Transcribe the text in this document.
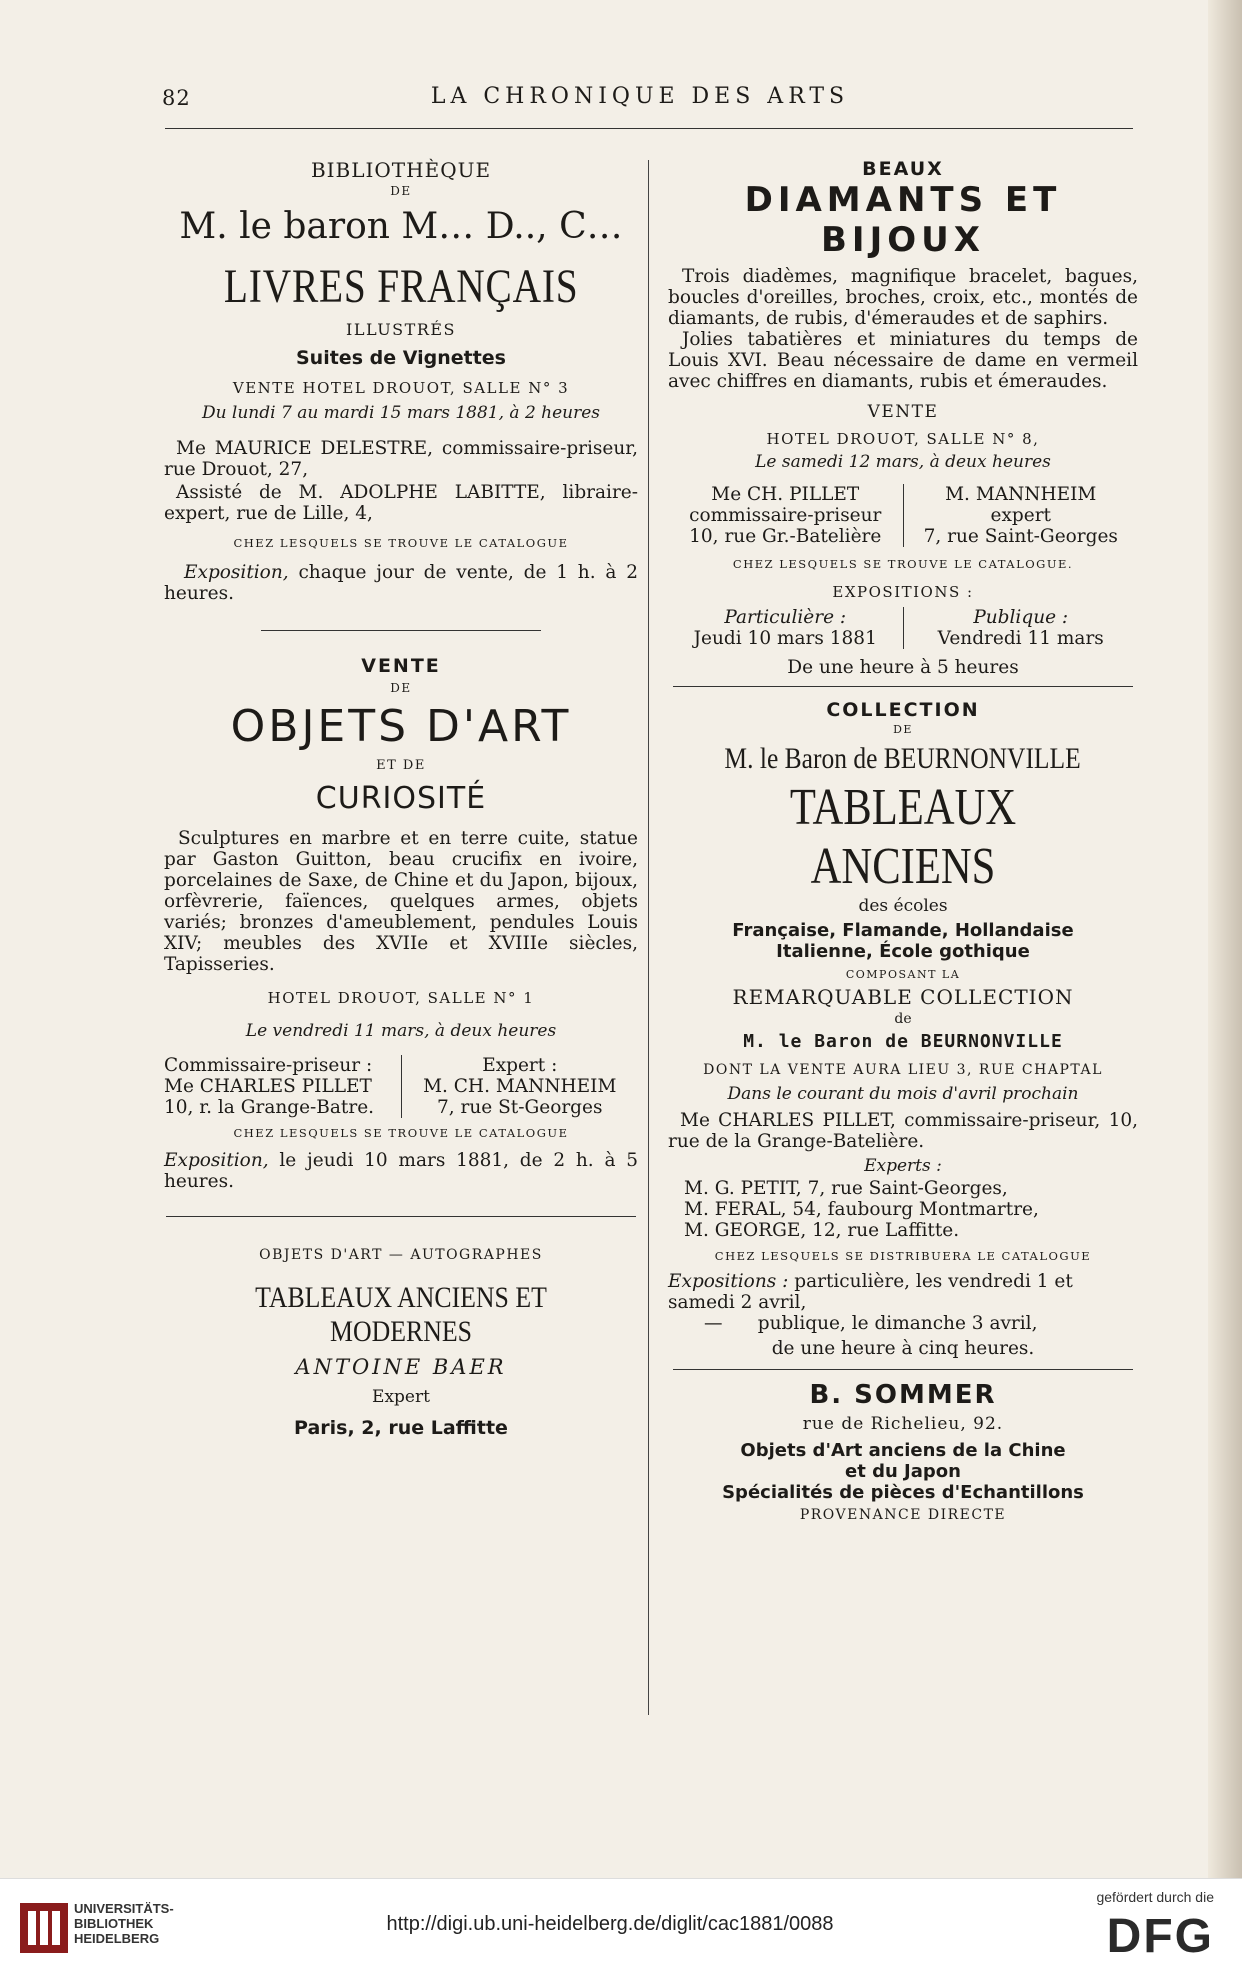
82	LA CHRONIQUE DES ARTS

BIBLIOTHÈQUE

DE

M. le baron M… D.., C…

LIVRES FRANÇAIS

ILLUSTRÉS

Suites de Vignettes

VENTE HOTEL DROUOT, SALLE N° 3

Du lundi 7 au mardi 15 mars 1881, à 2 heures

Me MAURICE DELESTRE, commissaire-priseur, rue Drouot, 27,

Assisté de M. ADOLPHE LABITTE, libraire-expert, rue de Lille, 4,

CHEZ LESQUELS SE TROUVE LE CATALOGUE

Exposition, chaque jour de vente, de 1 h. à 2 heures.

VENTE

DE

OBJETS D'ART

ET DE

CURIOSITÉ

Sculptures en marbre et en terre cuite, statue par Gaston Guitton, beau crucifix en ivoire, porcelaines de Saxe, de Chine et du Japon, bijoux, orfèvrerie, faïences, quelques armes, objets variés; bronzes d'ameublement, pendules Louis XIV; meubles des XVIIe et XVIIIe siècles, Tapisseries.

HOTEL DROUOT, SALLE N° 1

Le vendredi 11 mars, à deux heures

Commissaire-priseur :

Me CHARLES PILLET

10, r. la Grange-Batre.

Expert :

M. CH. MANNHEIM

7, rue St-Georges

CHEZ LESQUELS SE TROUVE LE CATALOGUE

Exposition, le jeudi 10 mars 1881, de 2 h. à 5 heures.

OBJETS D'ART — AUTOGRAPHES

TABLEAUX ANCIENS ET MODERNES

ANTOINE BAER

Expert

Paris, 2, rue Laffitte

BEAUX

DIAMANTS ET BIJOUX

Trois diadèmes, magnifique bracelet, bagues, boucles d'oreilles, broches, croix, etc., montés de diamants, de rubis, d'émeraudes et de saphirs.

Jolies tabatières et miniatures du temps de Louis XVI. Beau nécessaire de dame en vermeil avec chiffres en diamants, rubis et émeraudes.

VENTE

HOTEL DROUOT, SALLE N° 8,

Le samedi 12 mars, à deux heures

Me CH. PILLET

commissaire-priseur

10, rue Gr.-Batelière

M. MANNHEIM

expert

7, rue Saint-Georges

CHEZ LESQUELS SE TROUVE LE CATALOGUE.

EXPOSITIONS :

Particulière :

Jeudi 10 mars 1881

Publique :

Vendredi 11 mars

De une heure à 5 heures

COLLECTION

DE

M. le Baron de BEURNONVILLE

TABLEAUX ANCIENS

des écoles

Française, Flamande, Hollandaise

Italienne, École gothique

COMPOSANT LA

REMARQUABLE COLLECTION

de

M. le Baron de BEURNONVILLE

DONT LA VENTE AURA LIEU 3, RUE CHAPTAL

Dans le courant du mois d'avril prochain

Me CHARLES PILLET, commissaire-priseur, 10, rue de la Grange-Batelière.

Experts :

M. G. PETIT, 7, rue Saint-Georges,

M. FERAL, 54, faubourg Montmartre,

M. GEORGE, 12, rue Laffitte.

CHEZ LESQUELS SE DISTRIBUERA LE CATALOGUE

Expositions : particulière, les vendredi 1 et samedi 2 avril,

— publique, le dimanche 3 avril,

de une heure à cinq heures.

B. SOMMER

rue de Richelieu, 92.

Objets d'Art anciens de la Chine

et du Japon

Spécialités de pièces d'Echantillons

PROVENANCE DIRECTE

UNIVERSITÄTS-
BIBLIOTHEK
HEIDELBERG
http://digi.ub.uni-heidelberg.de/diglit/cac1881/0088
gefördert durch die
DFG
